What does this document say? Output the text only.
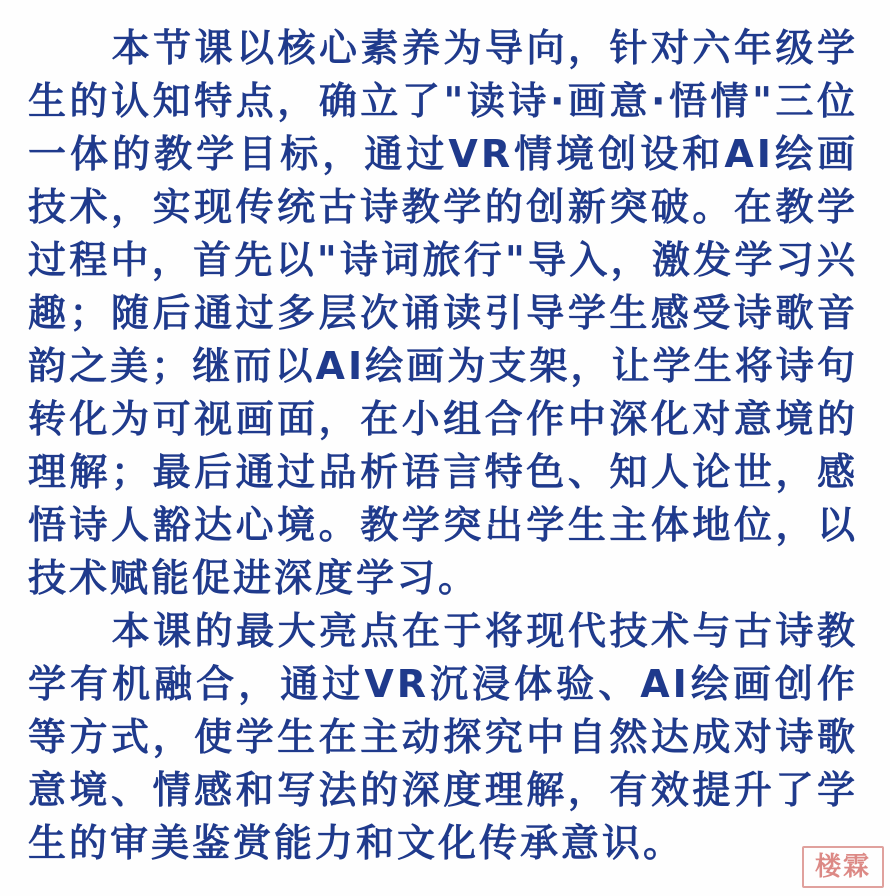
本节课以核心素养为导向，针对六年级学生的认知特点，确立了"读诗·画意·悟情"三位一体的教学目标，通过VR情境创设和AI绘画技术，实现传统古诗教学的创新突破。在教学过程中，首先以"诗词旅行"导入，激发学习兴趣；随后通过多层次诵读引导学生感受诗歌音韵之美；继而以AI绘画为支架，让学生将诗句转化为可视画面，在小组合作中深化对意境的理解；最后通过品析语言特色、知人论世，感悟诗人豁达心境。教学突出学生主体地位，以技术赋能促进深度学习。

本课的最大亮点在于将现代技术与古诗教学有机融合，通过VR沉浸体验、AI绘画创作等方式，使学生在主动探究中自然达成对诗歌意境、情感和写法的深度理解，有效提升了学生的审美鉴赏能力和文化传承意识。

楼霖
